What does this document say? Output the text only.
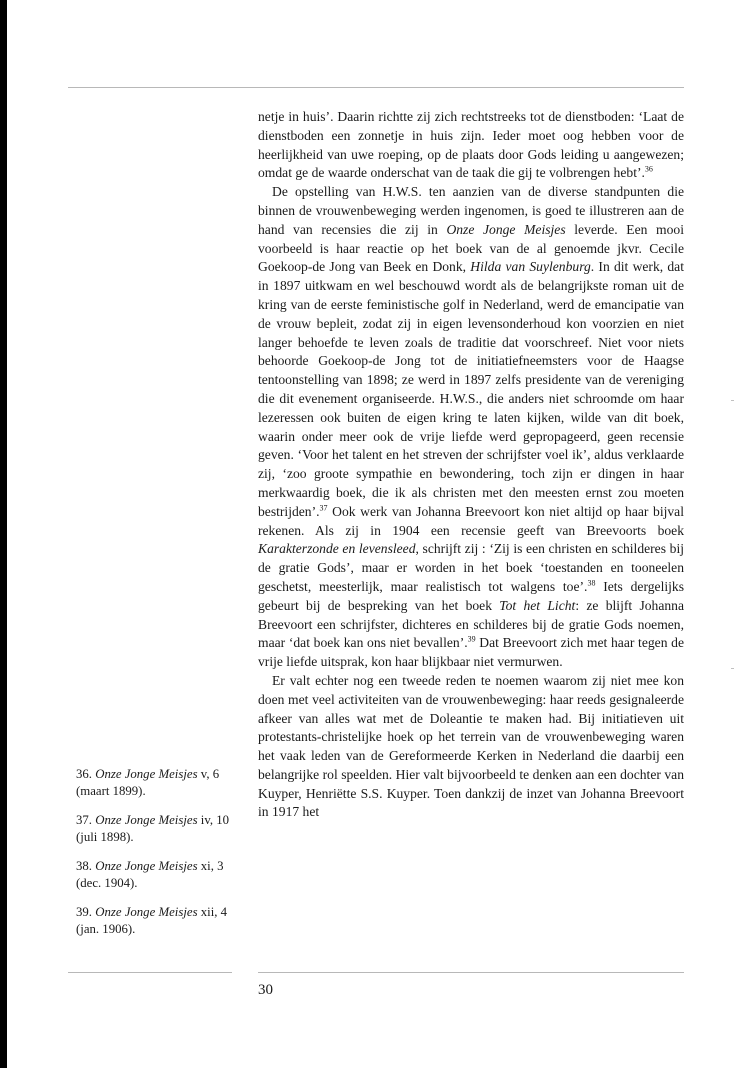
netje in huis’. Daarin richtte zij zich rechtstreeks tot de dienstboden: ‘Laat de dienstboden een zonnetje in huis zijn. Ieder moet oog hebben voor de heerlijkheid van uwe roeping, op de plaats door Gods leiding u aangewezen; omdat ge de waarde onderschat van de taak die gij te volbrengen hebt’.$^{36}$

De opstelling van H.W.S. ten aanzien van de diverse standpunten die binnen de vrouwenbeweging werden ingenomen, is goed te illustreren aan de hand van recensies die zij in Onze Jonge Meisjes leverde. Een mooi voorbeeld is haar reactie op het boek van de al genoemde jkvr. Cecile Goekoop-de Jong van Beek en Donk, Hilda van Suylenburg. In dit werk, dat in 1897 uitkwam en wel beschouwd wordt als de belangrijkste roman uit de kring van de eerste feministische golf in Nederland, werd de emancipatie van de vrouw bepleit, zodat zij in eigen levensonderhoud kon voorzien en niet langer behoefde te leven zoals de traditie dat voorschreef. Niet voor niets behoorde Goekoop-de Jong tot de initiatiefneemsters voor de Haagse tentoonstelling van 1898; ze werd in 1897 zelfs presidente van de vereniging die dit evenement organiseerde. H.W.S., die anders niet schroomde om haar lezeressen ook buiten de eigen kring te laten kijken, wilde van dit boek, waarin onder meer ook de vrije liefde werd gepropageerd, geen recensie geven. ‘Voor het talent en het streven der schrijfster voel ik’, aldus verklaarde zij, ‘zoo groote sympathie en bewondering, toch zijn er dingen in haar merkwaardig boek, die ik als christen met den meesten ernst zou moeten bestrijden’.$^{37}$ Ook werk van Johanna Breevoort kon niet altijd op haar bijval rekenen. Als zij in 1904 een recensie geeft van Breevoorts boek Karakterzonde en levensleed, schrijft zij : ‘Zij is een christen en schilderes bij de gratie Gods’, maar er worden in het boek ‘toestanden en tooneelen geschetst, meesterlijk, maar realistisch tot walgens toe’.$^{38}$ Iets dergelijks gebeurt bij de bespreking van het boek Tot het Licht: ze blijft Johanna Breevoort een schrijfster, dichteres en schilderes bij de gratie Gods noemen, maar ‘dat boek kan ons niet bevallen’.$^{39}$ Dat Breevoort zich met haar tegen de vrije liefde uitsprak, kon haar blijkbaar niet vermurwen.

Er valt echter nog een tweede reden te noemen waarom zij niet mee kon doen met veel activiteiten van de vrouwenbeweging: haar reeds gesignaleerde afkeer van alles wat met de Doleantie te maken had. Bij initiatieven uit protestants-christelijke hoek op het terrein van de vrouwenbeweging waren het vaak leden van de Gereformeerde Kerken in Nederland die daarbij een belangrijke rol speelden. Hier valt bijvoorbeeld te denken aan een dochter van Kuyper, Henriëtte S.S. Kuyper. Toen dankzij de inzet van Johanna Breevoort in 1917 het

36. Onze Jonge Meisjes v, 6 (maart 1899).

37. Onze Jonge Meisjes iv, 10 (juli 1898).

38. Onze Jonge Meisjes xi, 3 (dec. 1904).

39. Onze Jonge Meisjes xii, 4 (jan. 1906).

30
